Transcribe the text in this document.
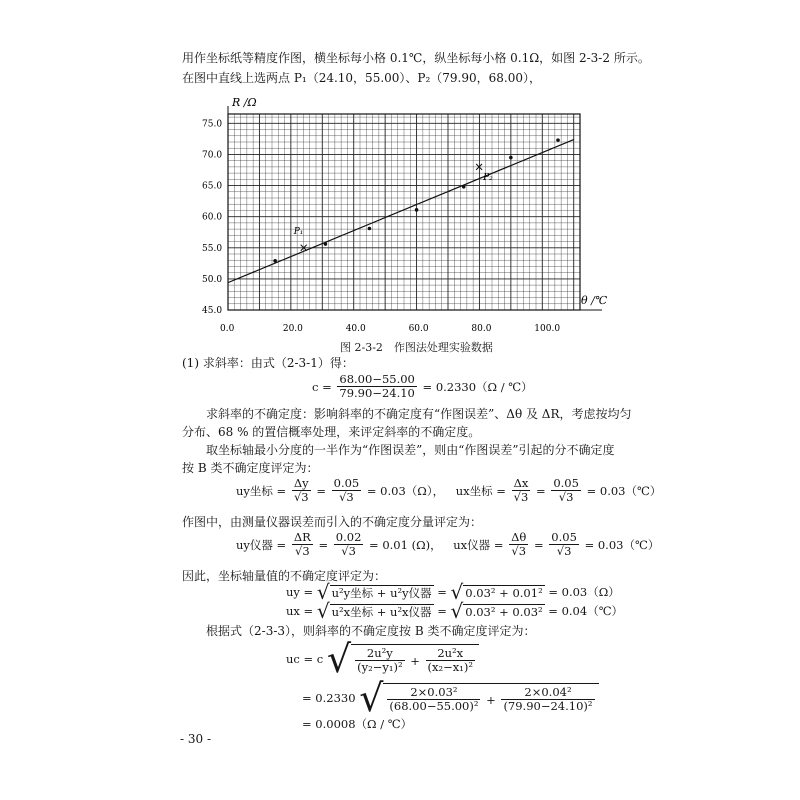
用作坐标纸等精度作图，横坐标每小格 0.1℃，纵坐标每小格 0.1Ω，如图 2-3-2 所示。
在图中直线上选两点 P₁（24.10，55.00）、P₂（79.90，68.00），
45.0
50.0
55.0
60.0
65.0
70.0
75.0
0.0	20.0	40.0	60.0	80.0	100.0
R /Ω
θ /℃
P₁
P₂
图 2-3-2　作图法处理实验数据
(1) 求斜率：由式（2-3-1）得：
$c = \frac{68.00-55.00}{79.90-24.10} = 0.2330(\Omega$ / ℃）
求斜率的不确定度：影响斜率的不确定度有“作图误差”、Δθ 及 ΔR，考虑按均匀
分布、68 % 的置信概率处理，来评定斜率的不确定度。
取坐标轴最小分度的一半作为“作图误差”，则由“作图误差”引起的分不确定度
按 B 类不确定度评定为：
uy坐标 = $\frac{\Delta y}{√3} = \frac{0.05}{√3} = 0.03(\Omega)$， ux坐标 = $\frac{\Delta x}{√3} = \frac{0.05}{√3}$ = 0.03（℃）
作图中，由测量仪器误差而引入的不确定度分量评定为：
uy仪器 = $\frac{\Delta R}{√3} = \frac{0.02}{√3} = 0.01$ (Ω)， ux仪器 = $\frac{\Delta\theta}{√3} = \frac{0.05}{√3}$ = 0.03（℃）
因此，坐标轴量值的不确定度评定为：
uy = √ u²y坐标 + u²y仪器 = √ 0.03² + 0.01² = 0.03（Ω）
ux = √ u²x坐标 + u²x仪器 = √ 0.03² + 0.03² = 0.04（℃）
根据式（2-3-3），则斜率的不确定度按 B 类不确定度评定为：
uc = c √ $\frac{\text{2u²y}}{\text{(y₂−y₁)²}} + \frac{\text{2u²x}}{\text{(x₂−x₁)²}}$
= 0.2330 √ $\frac{\text{2×0.03²}}{\text{(68.00−55.00)²}} + \frac{\text{2×0.04²}}{\text{(79.90−24.10)²}}$
= 0.0008（Ω / ℃）
- 30 -
